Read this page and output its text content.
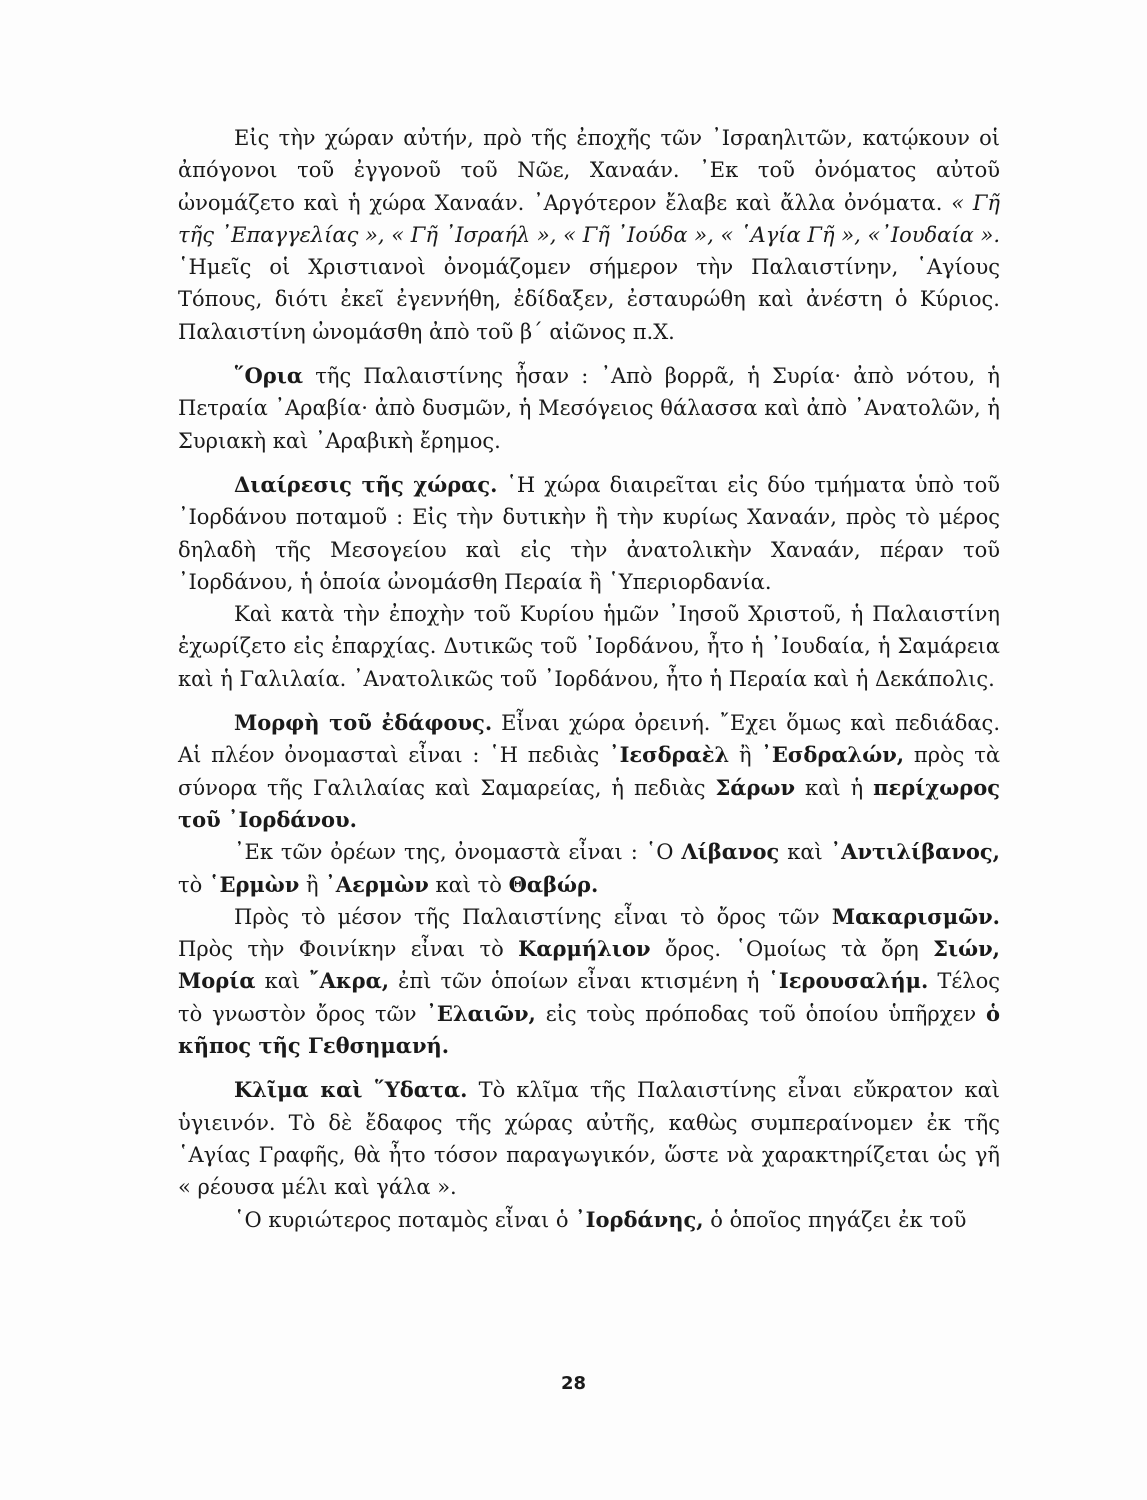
Εἰς τὴν χώραν αὐτήν, πρὸ τῆς ἐποχῆς τῶν ᾿Ισραηλιτῶν, κατῴκουν οἱ ἀπόγονοι τοῦ ἐγγονοῦ τοῦ Νῶε, Χαναάν. ᾿Εκ τοῦ ὀνόματος αὐτοῦ ὠνομάζετο καὶ ἡ χώρα Χαναάν. ᾿Αργότερον ἔλαβε καὶ ἄλλα ὀνόματα. « Γῆ τῆς ᾿Επαγγελίας », « Γῆ ᾿Ισραήλ », « Γῆ ᾿Ιούδα », « ῾Αγία Γῆ », «᾿Ιουδαία ». ῾Ημεῖς οἱ Χριστιανοὶ ὀνομάζομεν σήμερον τὴν Παλαιστίνην, ῾Αγίους Τόπους, διότι ἐκεῖ ἐγεννήθη, ἐδίδαξεν, ἐσταυρώθη καὶ ἀνέστη ὁ Κύριος. Παλαιστίνη ὠνομάσθη ἀπὸ τοῦ β΄ αἰῶνος π.Χ.

῞Ορια τῆς Παλαιστίνης ἦσαν : ᾿Απὸ βορρᾶ, ἡ Συρία· ἀπὸ νότου, ἡ Πετραία ᾿Αραβία· ἀπὸ δυσμῶν, ἡ Μεσόγειος θάλασσα καὶ ἀπὸ ᾿Ανατολῶν, ἡ Συριακὴ καὶ ᾿Αραβικὴ ἔρημος.

Διαίρεσις τῆς χώρας. ῾Η χώρα διαιρεῖται εἰς δύο τμήματα ὑπὸ τοῦ ᾿Ιορδάνου ποταμοῦ : Εἰς τὴν δυτικὴν ἢ τὴν κυρίως Χαναάν, πρὸς τὸ μέρος δηλαδὴ τῆς Μεσογείου καὶ εἰς τὴν ἀνατολικὴν Χαναάν, πέραν τοῦ ᾿Ιορδάνου, ἡ ὁποία ὠνομάσθη Περαία ἢ ῾Υπεριορδανία.

Καὶ κατὰ τὴν ἐποχὴν τοῦ Κυρίου ἡμῶν ᾿Ιησοῦ Χριστοῦ, ἡ Παλαιστίνη ἐχωρίζετο εἰς ἐπαρχίας. Δυτικῶς τοῦ ᾿Ιορδάνου, ἦτο ἡ ᾿Ιουδαία, ἡ Σαμάρεια καὶ ἡ Γαλιλαία. ᾿Ανατολικῶς τοῦ ᾿Ιορδάνου, ἦτο ἡ Περαία καὶ ἡ Δεκάπολις.

Μορφὴ τοῦ ἐδάφους. Εἶναι χώρα ὀρεινή. ῎Εχει ὅμως καὶ πεδιάδας. Αἱ πλέον ὀνομασταὶ εἶναι : ῾Η πεδιὰς ᾿Iεσδραὲλ ἢ ᾿Εσδραλών, πρὸς τὰ σύνορα τῆς Γαλιλαίας καὶ Σαμαρείας, ἡ πεδιὰς Σάρων καὶ ἡ περίχωρος τοῦ ᾿Ιορδάνου.

᾿Εκ τῶν ὀρέων της, ὀνομαστὰ εἶναι : ῾Ο Λίβανος καὶ ᾿Αντιλίβανος, τὸ ῾Ερμὼν ἢ ᾿Αερμὼν καὶ τὸ Θαβώρ.

Πρὸς τὸ μέσον τῆς Παλαιστίνης εἶναι τὸ ὄρος τῶν Μακαρισμῶν. Πρὸς τὴν Φοινίκην εἶναι τὸ Καρμήλιον ὄρος. ῾Ομοίως τὰ ὄρη Σιών, Μορία καὶ ῎Ακρα, ἐπὶ τῶν ὁποίων εἶναι κτισμένη ἡ ῾Ιερουσαλήμ. Τέλος τὸ γνωστὸν ὄρος τῶν ᾿Ελαιῶν, εἰς τοὺς πρόποδας τοῦ ὁποίου ὑπῆρχεν ὁ κῆπος τῆς Γεθσημανή.

Κλῖμα καὶ ῞Υδατα. Τὸ κλῖμα τῆς Παλαιστίνης εἶναι εὔκρατον καὶ ὑγιεινόν. Τὸ δὲ ἔδαφος τῆς χώρας αὐτῆς, καθὼς συμπεραίνομεν ἐκ τῆς ῾Αγίας Γραφῆς, θὰ ἦτο τόσον παραγωγικόν, ὥστε νὰ χαρακτηρίζεται ὡς γῆ « ρέουσα μέλι καὶ γάλα ».

῾Ο κυριώτερος ποταμὸς εἶναι ὁ ᾿Ιορδάνης, ὁ ὁποῖος πηγάζει ἐκ τοῦ

28
